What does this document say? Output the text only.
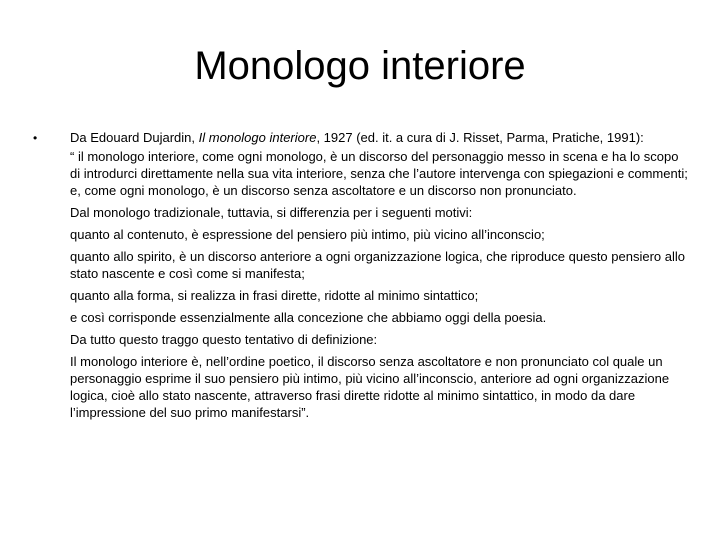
Monologo interiore
•	Da Edouard Dujardin, Il monologo interiore, 1927 (ed. it. a cura di J. Risset, Parma, Pratiche, 1991):

“ il monologo interiore, come ogni monologo, è un discorso del personaggio messo in scena e ha lo scopo di introdurci direttamente nella sua vita interiore, senza che l’autore intervenga con spiegazioni e commenti; e, come ogni monologo, è un discorso senza ascoltatore e un discorso non pronunciato.

Dal monologo tradizionale, tuttavia, si differenzia per i seguenti motivi:

quanto al contenuto, è espressione del pensiero più intimo, più vicino all’inconscio;

quanto allo spirito, è un discorso anteriore a ogni organizzazione logica, che riproduce questo pensiero allo stato nascente e così come si manifesta;

quanto alla forma, si realizza in frasi dirette, ridotte al minimo sintattico;

e così corrisponde essenzialmente alla concezione che abbiamo oggi della poesia.

Da tutto questo traggo questo tentativo di definizione:

Il monologo interiore è, nell’ordine poetico, il discorso senza ascoltatore e non pronunciato col quale un personaggio esprime il suo pensiero più intimo, più vicino all’inconscio, anteriore ad ogni organizzazione logica, cioè allo stato nascente, attraverso frasi dirette ridotte al minimo sintattico, in modo da dare l’impressione del suo primo manifestarsi”.
